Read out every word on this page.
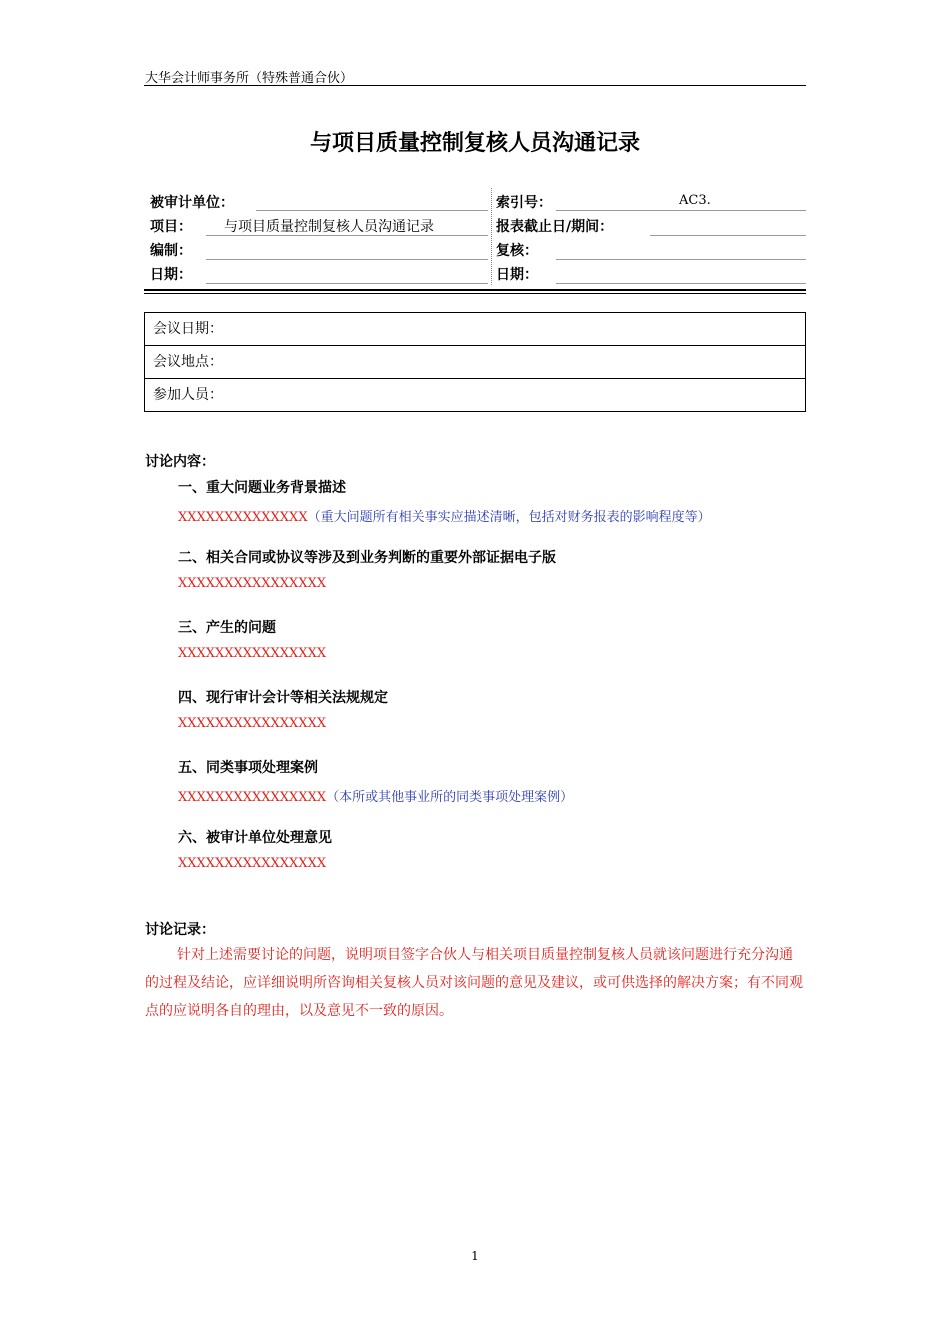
大华会计师事务所（特殊普通合伙）
与项目质量控制复核人员沟通记录
被审计单位：	索引号：	AC3.
项目： 与项目质量控制复核人员沟通记录	报表截止日/期间：
编制：	复核：
日期：	日期：
会议日期：
会议地点：
参加人员：
讨论内容：
一、重大问题业务背景描述
XXXXXXXXXXXXXX（重大问题所有相关事实应描述清晰，包括对财务报表的影响程度等）
二、相关合同或协议等涉及到业务判断的重要外部证据电子版
XXXXXXXXXXXXXXXX
三、产生的问题
XXXXXXXXXXXXXXXX
四、现行审计会计等相关法规规定
XXXXXXXXXXXXXXXX
五、同类事项处理案例
XXXXXXXXXXXXXXXX（本所或其他事业所的同类事项处理案例）
六、被审计单位处理意见
XXXXXXXXXXXXXXXX
讨论记录：
针对上述需要讨论的问题，说明项目签字合伙人与相关项目质量控制复核人员就该问题进行充分沟通的过程及结论，应详细说明所咨询相关复核人员对该问题的意见及建议，或可供选择的解决方案；有不同观点的应说明各自的理由，以及意见不一致的原因。
1
